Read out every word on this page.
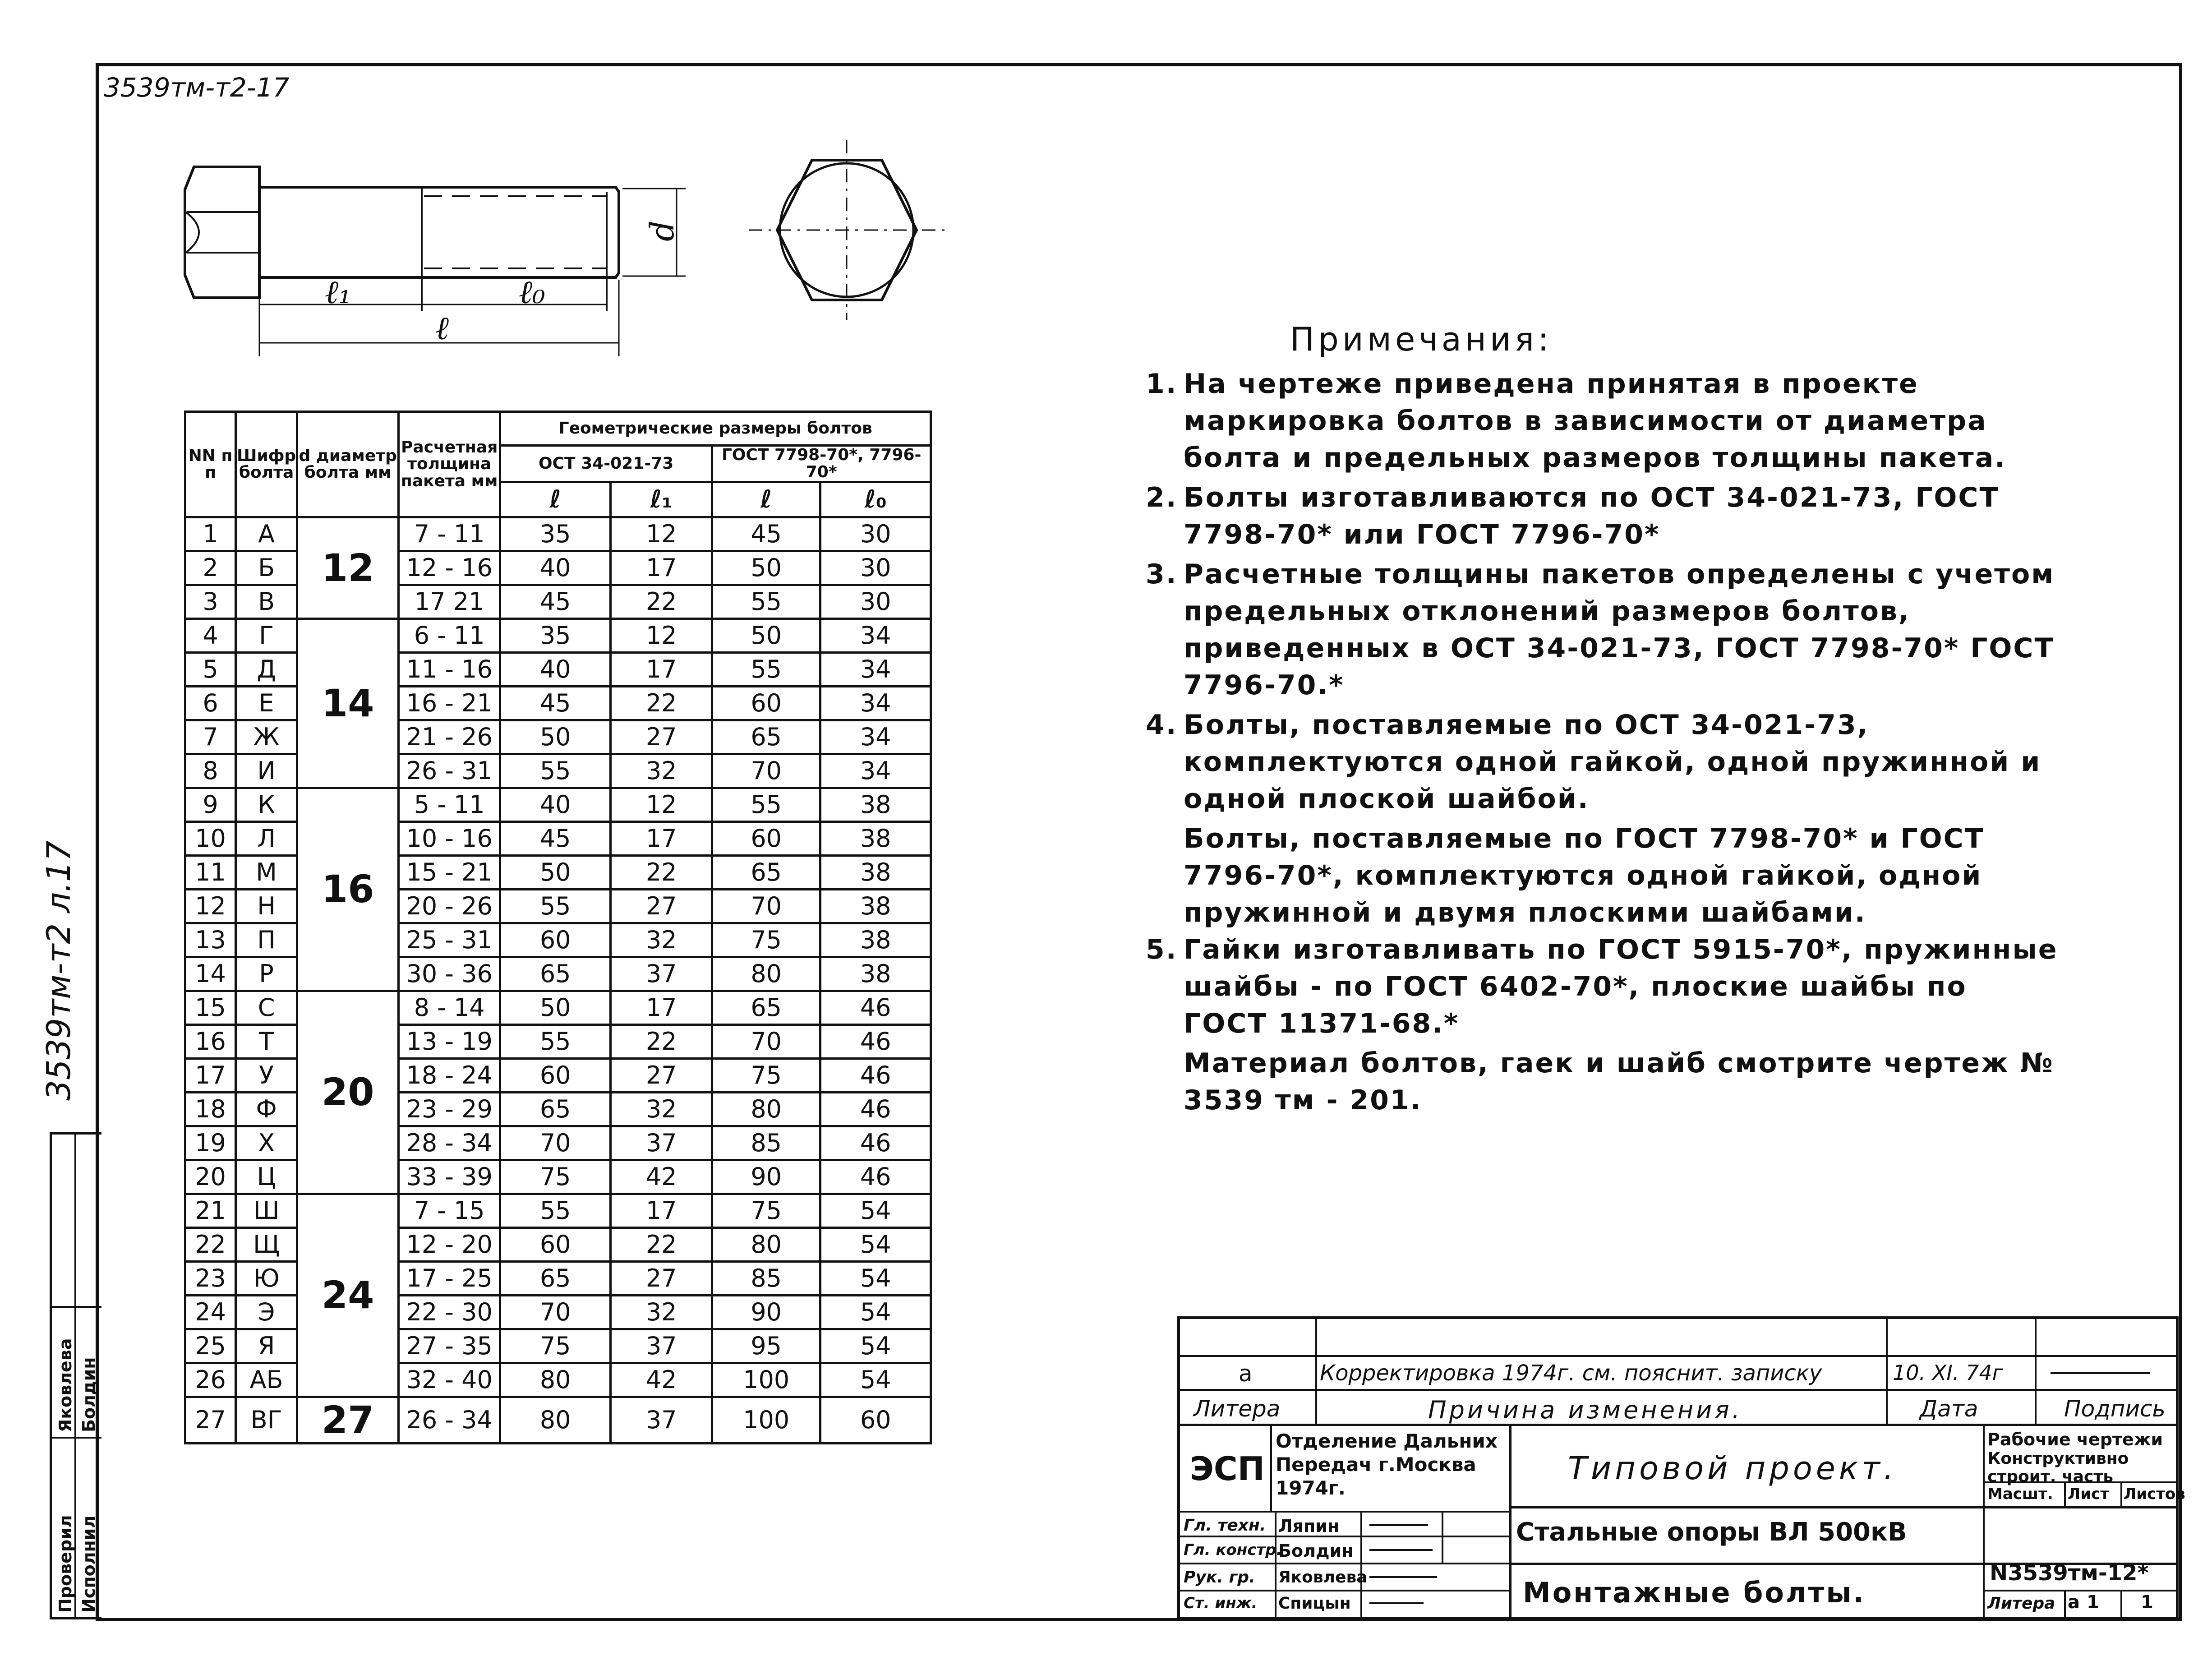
3539тм-т2-17
3539тм-т2 л.17
Проверил
Яковлева
Исполнил
Болдин
ℓ₁	ℓ₀
ℓ
d
NN п п	Шифр болта	d диаметр болта мм	Расчетная толщина пакета мм	Геометрические размеры болтов			
				ОСТ 34-021-73		ГОСТ 7798-70*, 7796-70*	
				ℓ	ℓ₁	ℓ	ℓ₀
1	А	12	7 - 11	35	12	45	30
2	Б		12 - 16	40	17	50	30
3	В		17 21	45	22	55	30
4	Г	14	6 - 11	35	12	50	34
5	Д		11 - 16	40	17	55	34
6	Е		16 - 21	45	22	60	34
7	Ж		21 - 26	50	27	65	34
8	И		26 - 31	55	32	70	34
9	К	16	5 - 11	40	12	55	38
10	Л		10 - 16	45	17	60	38
11	М		15 - 21	50	22	65	38
12	Н		20 - 26	55	27	70	38
13	П		25 - 31	60	32	75	38
14	Р		30 - 36	65	37	80	38
15	С	20	8 - 14	50	17	65	46
16	Т		13 - 19	55	22	70	46
17	У		18 - 24	60	27	75	46
18	Ф		23 - 29	65	32	80	46
19	Х		28 - 34	70	37	85	46
20	Ц		33 - 39	75	42	90	46
21	Ш	24	7 - 15	55	17	75	54
22	Щ		12 - 20	60	22	80	54
23	Ю		17 - 25	65	27	85	54
24	Э		22 - 30	70	32	90	54
25	Я		27 - 35	75	37	95	54
26	АБ		32 - 40	80	42	100	54
27	ВГ	27	26 - 34	80	37	100	60
Примечания:
1. На чертеже приведена принятая в проекте маркировка болтов в зависимости от диаметра болта и предельных размеров толщины пакета.
2. Болты изготавливаются по ОСТ 34-021-73, ГОСТ 7798-70* или ГОСТ 7796-70*
3. Расчетные толщины пакетов определены с учетом предельных отклонений размеров болтов, приведенных в ОСТ 34-021-73, ГОСТ 7798-70* ГОСТ 7796-70.*
4. Болты, поставляемые по ОСТ 34-021-73, комплектуются одной гайкой, одной пружинной и одной плоской шайбой.
Болты, поставляемые по ГОСТ 7798-70* и ГОСТ 7796-70*, комплектуются одной гайкой, одной пружинной и двумя плоскими шайбами.
5. Гайки изготавливать по ГОСТ 5915-70*, пружинные шайбы - по ГОСТ 6402-70*, плоские шайбы по ГОСТ 11371-68.*
Материал болтов, гаек и шайб смотрите чертеж № 3539 тм - 201.
а	Корректировка 1974г. см. пояснит. записку	10. XI. 74г
Литера	Причина изменения.	Дата	Подпись
ЭСП
Отделение Дальних Передач г.Москва 1974г.
Типовой проект.
Рабочие чертежи
Конструктивно строит. часть
Масшт. Лист Листов
Гл. техн. Ляпин
Гл. констр.
Болдин
Рук. гр. Яковлева
Ст. инж. Спицын
Стальные опоры ВЛ 500кВ
Монтажные болты.
N3539тм-12*
Литера а 1 1
